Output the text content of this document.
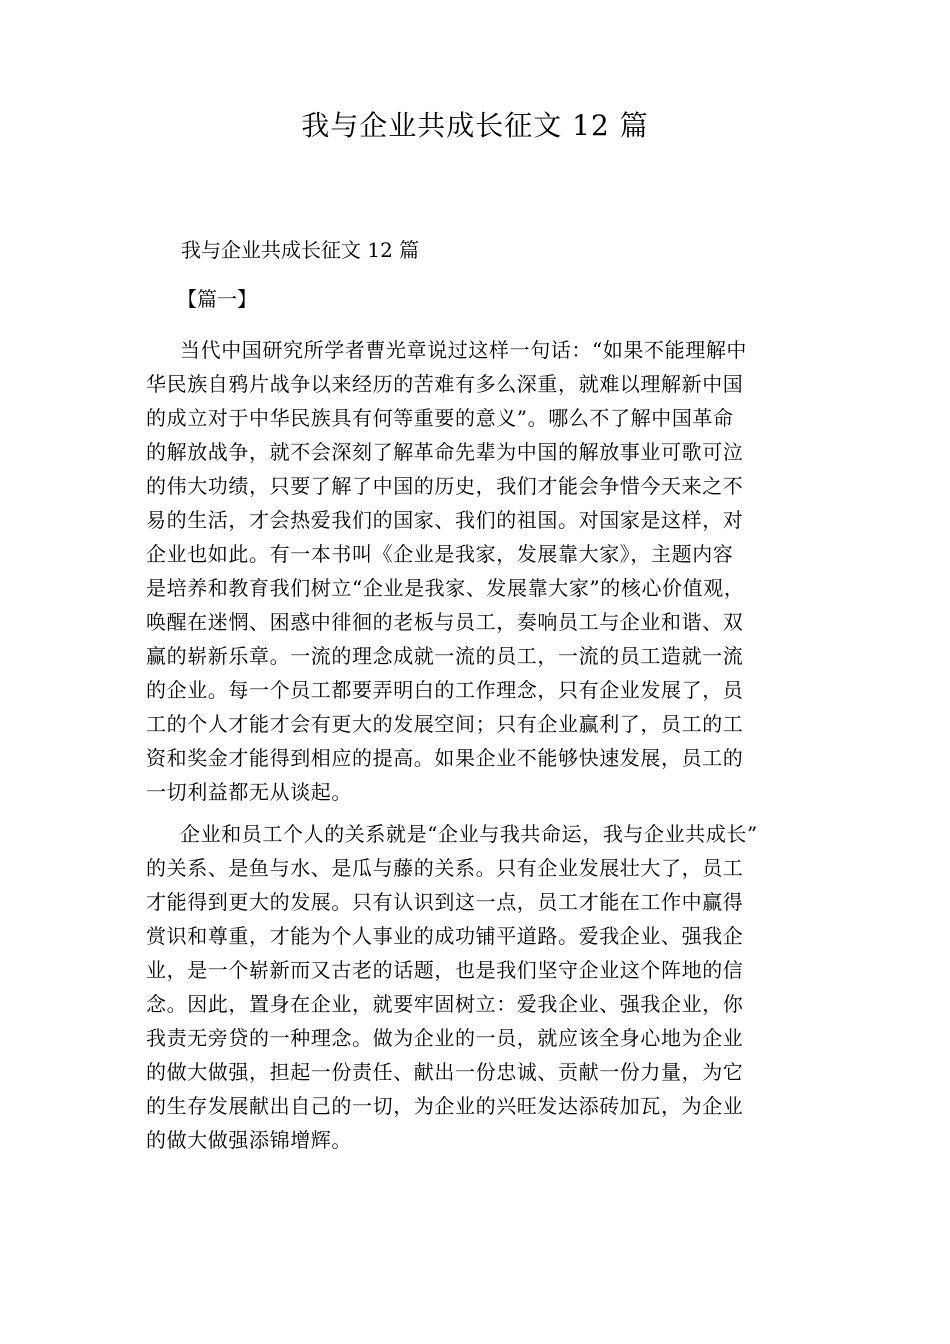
我与企业共成长征文 12 篇

我与企业共成长征文 12 篇

【篇一】

当代中国研究所学者曹光章说过这样一句话：“如果不能理解中
华民族自鸦片战争以来经历的苦难有多么深重，就难以理解新中国
的成立对于中华民族具有何等重要的意义”。哪么不了解中国革命
的解放战争，就不会深刻了解革命先辈为中国的解放事业可歌可泣
的伟大功绩，只要了解了中国的历史，我们才能会争惜今天来之不
易的生活，才会热爱我们的国家、我们的祖国。对国家是这样，对
企业也如此。有一本书叫《企业是我家，发展靠大家》，主题内容
是培养和教育我们树立“企业是我家、发展靠大家”的核心价值观，
唤醒在迷惘、困惑中徘徊的老板与员工，奏响员工与企业和谐、双
赢的崭新乐章。一流的理念成就一流的员工，一流的员工造就一流
的企业。每一个员工都要弄明白的工作理念，只有企业发展了，员
工的个人才能才会有更大的发展空间；只有企业赢利了，员工的工
资和奖金才能得到相应的提高。如果企业不能够快速发展，员工的
一切利益都无从谈起。
企业和员工个人的关系就是“企业与我共命运，我与企业共成长”
的关系、是鱼与水、是瓜与藤的关系。只有企业发展壮大了，员工
才能得到更大的发展。只有认识到这一点，员工才能在工作中赢得
赏识和尊重，才能为个人事业的成功铺平道路。爱我企业、强我企
业，是一个崭新而又古老的话题，也是我们坚守企业这个阵地的信
念。因此，置身在企业，就要牢固树立：爱我企业、强我企业，你
我责无旁贷的一种理念。做为企业的一员，就应该全身心地为企业
的做大做强，担起一份责任、献出一份忠诚、贡献一份力量，为它
的生存发展献出自己的一切，为企业的兴旺发达添砖加瓦，为企业
的做大做强添锦增辉。
